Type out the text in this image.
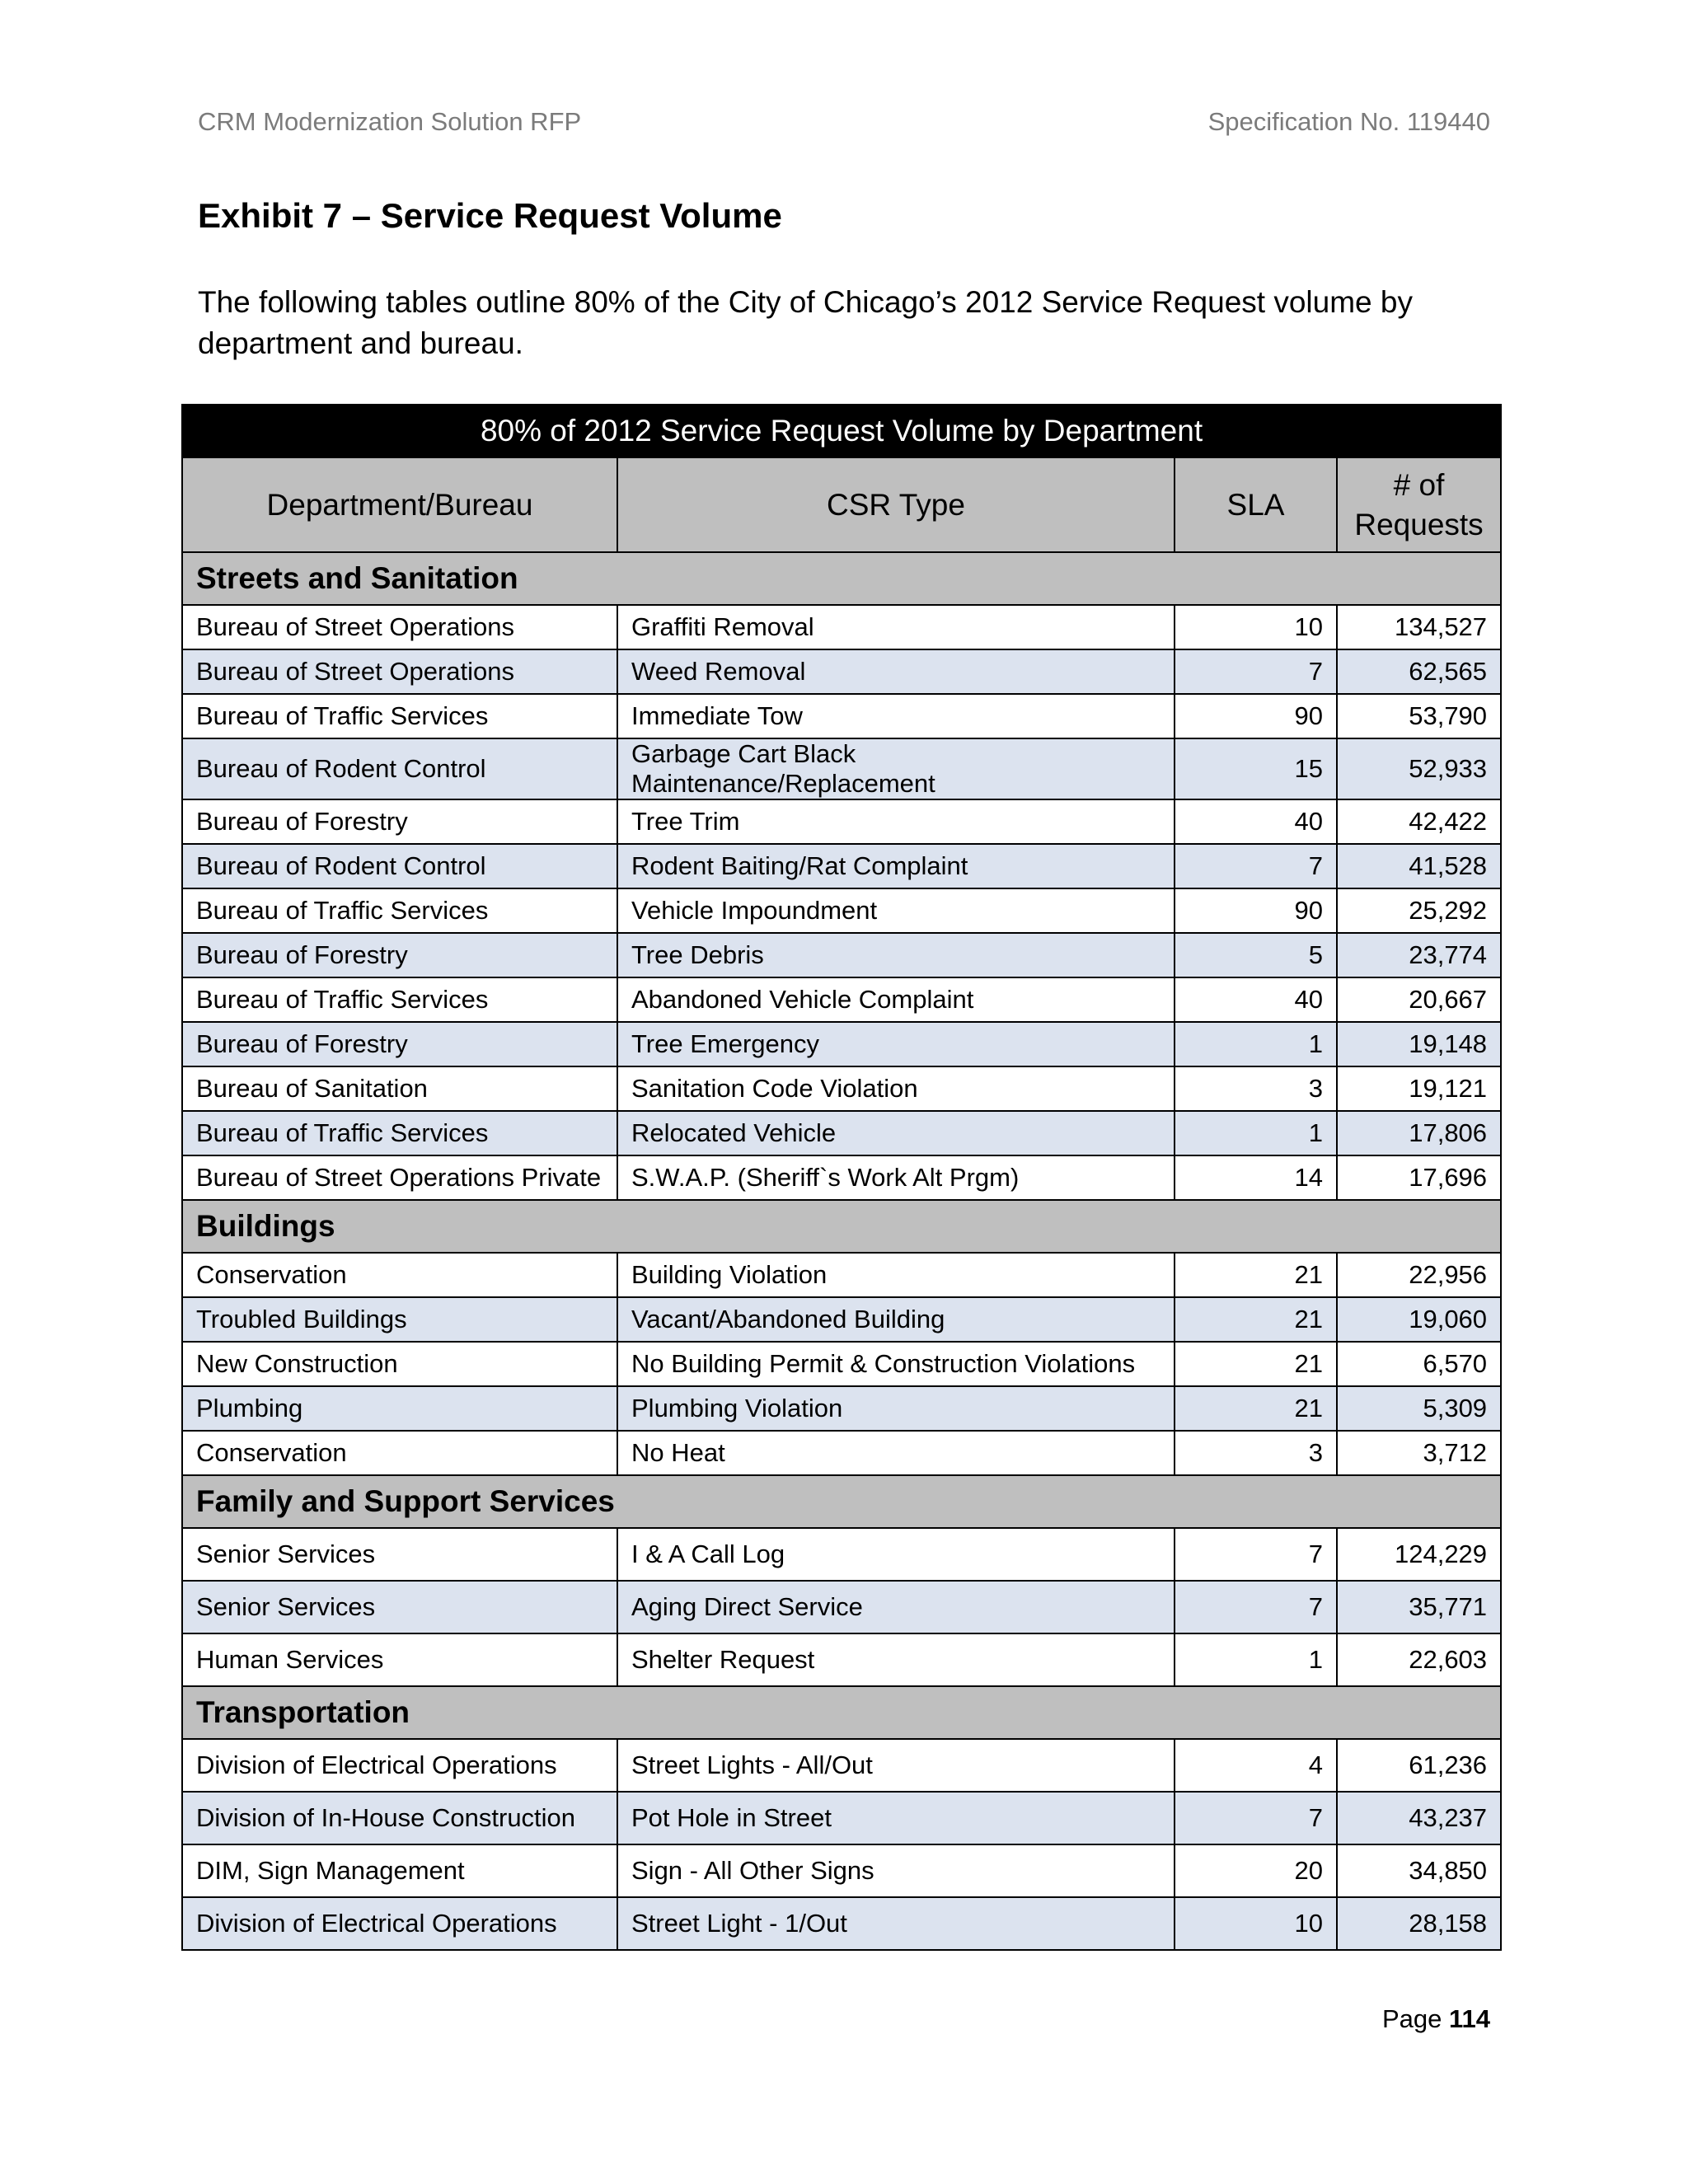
CRM Modernization Solution RFP	Specification No. 119440
Exhibit 7 – Service Request Volume

The following tables outline 80% of the City of Chicago’s 2012 Service Request volume by department and bureau.

80% of 2012 Service Request Volume by Department			
Department/Bureau	CSR Type	SLA	# of Requests
Streets and Sanitation			
Bureau of Street Operations	Graffiti Removal	10	134,527
Bureau of Street Operations	Weed Removal	7	62,565
Bureau of Traffic Services	Immediate Tow	90	53,790
Bureau of Rodent Control	Garbage Cart Black Maintenance/Replacement	15	52,933
Bureau of Forestry	Tree Trim	40	42,422
Bureau of Rodent Control	Rodent Baiting/Rat Complaint	7	41,528
Bureau of Traffic Services	Vehicle Impoundment	90	25,292
Bureau of Forestry	Tree Debris	5	23,774
Bureau of Traffic Services	Abandoned Vehicle Complaint	40	20,667
Bureau of Forestry	Tree Emergency	1	19,148
Bureau of Sanitation	Sanitation Code Violation	3	19,121
Bureau of Traffic Services	Relocated Vehicle	1	17,806
Bureau of Street Operations Private	S.W.A.P. (Sheriff`s Work Alt Prgm)	14	17,696
Buildings			
Conservation	Building Violation	21	22,956
Troubled Buildings	Vacant/Abandoned Building	21	19,060
New Construction	No Building Permit & Construction Violations	21	6,570
Plumbing	Plumbing Violation	21	5,309
Conservation	No Heat	3	3,712
Family and Support Services			
Senior Services	I & A Call Log	7	124,229
Senior Services	Aging Direct Service	7	35,771
Human Services	Shelter Request	1	22,603
Transportation			
Division of Electrical Operations	Street Lights - All/Out	4	61,236
Division of In-House Construction	Pot Hole in Street	7	43,237
DIM, Sign Management	Sign - All Other Signs	20	34,850
Division of Electrical Operations	Street Light - 1/Out	10	28,158
Page 114
